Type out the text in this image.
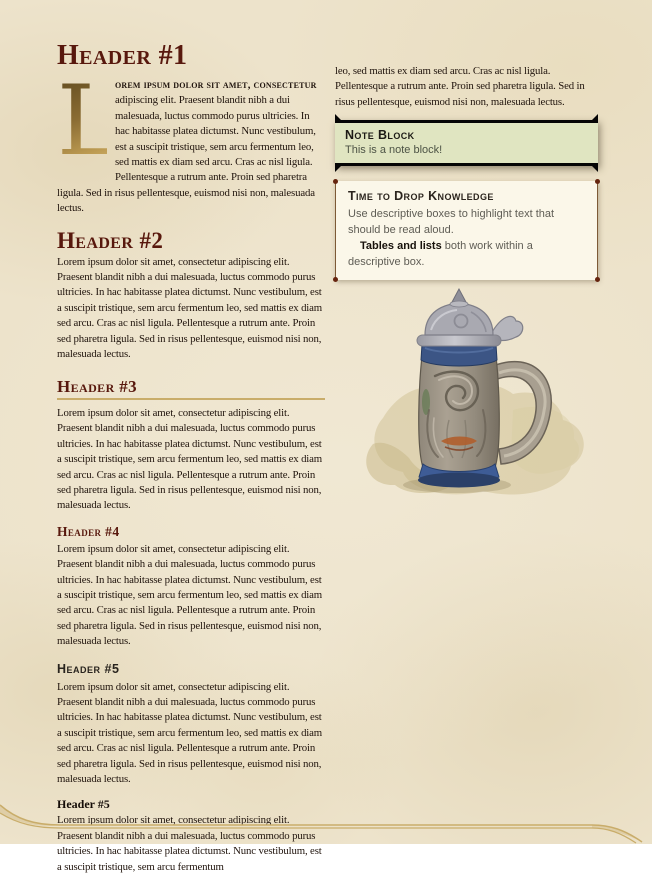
Header #1
L
orem ipsum dolor sit amet, consectetur adipiscing elit. Praesent blandit nibh a dui malesuada, luctus commodo purus ultricies. In hac habitasse platea dictumst. Nunc vestibulum, est a suscipit tristique, sem arcu fermentum leo, sed mattis ex diam sed arcu. Cras ac nisl ligula. Pellentesque a rutrum ante. Proin sed pharetra ligula. Sed in risus pellentesque, euismod nisi non, malesuada lectus.
Header #2

Lorem ipsum dolor sit amet, consectetur adipiscing elit. Praesent blandit nibh a dui malesuada, luctus commodo purus ultricies. In hac habitasse platea dictumst. Nunc vestibulum, est a suscipit tristique, sem arcu fermentum leo, sed mattis ex diam sed arcu. Cras ac nisl ligula. Pellentesque a rutrum ante. Proin sed pharetra ligula. Sed in risus pellentesque, euismod nisi non, malesuada lectus.

Header #3

Lorem ipsum dolor sit amet, consectetur adipiscing elit. Praesent blandit nibh a dui malesuada, luctus commodo purus ultricies. In hac habitasse platea dictumst. Nunc vestibulum, est a suscipit tristique, sem arcu fermentum leo, sed mattis ex diam sed arcu. Cras ac nisl ligula. Pellentesque a rutrum ante. Proin sed pharetra ligula. Sed in risus pellentesque, euismod nisi non, malesuada lectus.

Header #4

Lorem ipsum dolor sit amet, consectetur adipiscing elit. Praesent blandit nibh a dui malesuada, luctus commodo purus ultricies. In hac habitasse platea dictumst. Nunc vestibulum, est a suscipit tristique, sem arcu fermentum leo, sed mattis ex diam sed arcu. Cras ac nisl ligula. Pellentesque a rutrum ante. Proin sed pharetra ligula. Sed in risus pellentesque, euismod nisi non, malesuada lectus.

Header #5

Lorem ipsum dolor sit amet, consectetur adipiscing elit. Praesent blandit nibh a dui malesuada, luctus commodo purus ultricies. In hac habitasse platea dictumst. Nunc vestibulum, est a suscipit tristique, sem arcu fermentum leo, sed mattis ex diam sed arcu. Cras ac nisl ligula. Pellentesque a rutrum ante. Proin sed pharetra ligula. Sed in risus pellentesque, euismod nisi non, malesuada lectus.

Header #5

Lorem ipsum dolor sit amet, consectetur adipiscing elit. Praesent blandit nibh a dui malesuada, luctus commodo purus ultricies. In hac habitasse platea dictumst. Nunc vestibulum, est a suscipit tristique, sem arcu fermentum

leo, sed mattis ex diam sed arcu. Cras ac nisl ligula. Pellentesque a rutrum ante. Proin sed pharetra ligula. Sed in risus pellentesque, euismod nisi non, malesuada lectus.

Note Block
This is a note block!
Time to Drop Knowledge
Use descriptive boxes to highlight text that should be read aloud.
Tables and lists both work within a descriptive box.
